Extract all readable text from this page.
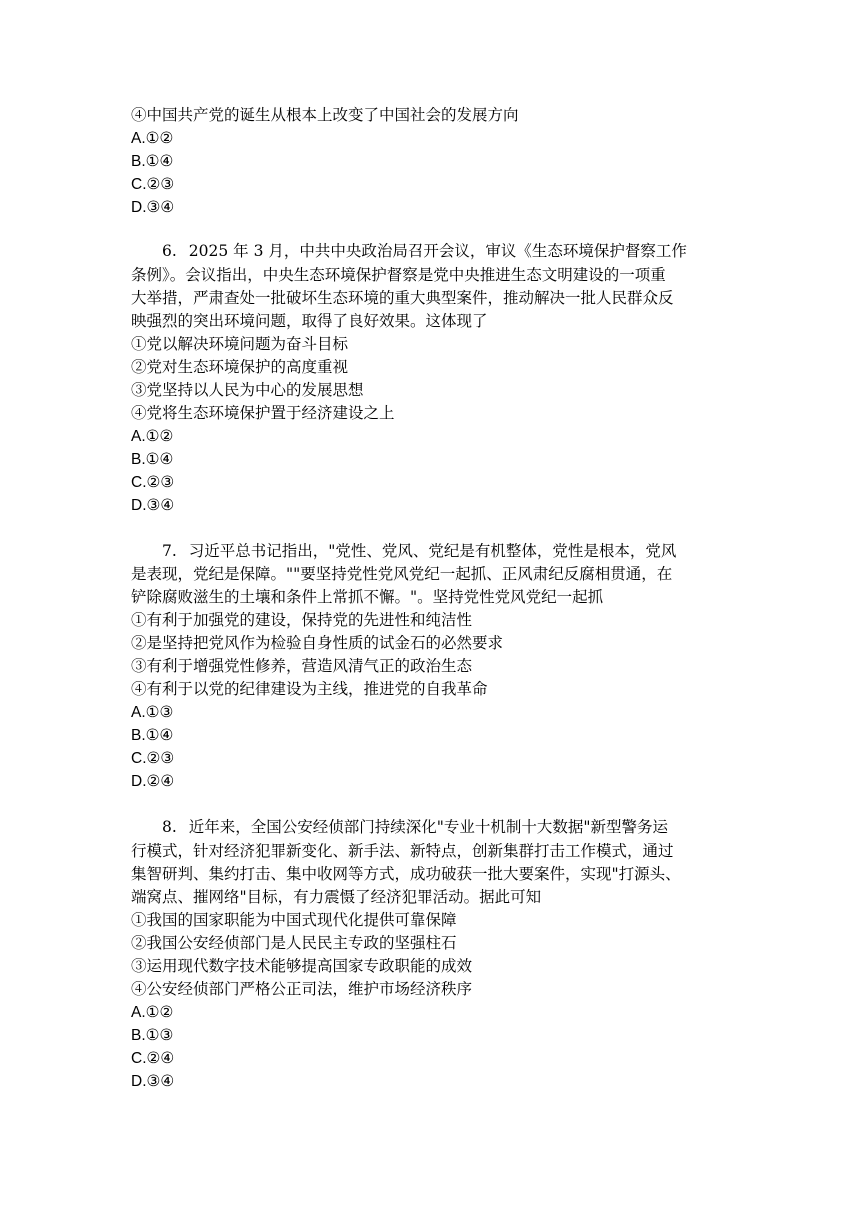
④中国共产党的诞生从根本上改变了中国社会的发展方向

A.①②

B.①④

C.②③

D.③④

6. 2025 年 3 月，中共中央政治局召开会议，审议《生态环境保护督察工作

条例》。会议指出，中央生态环境保护督察是党中央推进生态文明建设的一项重

大举措，严肃查处一批破坏生态环境的重大典型案件，推动解决一批人民群众反

映强烈的突出环境问题，取得了良好效果。这体现了

①党以解决环境问题为奋斗目标

②党对生态环境保护的高度重视

③党坚持以人民为中心的发展思想

④党将生态环境保护置于经济建设之上

A.①②

B.①④

C.②③

D.③④

7. 习近平总书记指出，"党性、党风、党纪是有机整体，党性是根本，党风

是表现，党纪是保障。""要坚持党性党风党纪一起抓、正风肃纪反腐相贯通，在

铲除腐败滋生的土壤和条件上常抓不懈。"。坚持党性党风党纪一起抓

①有利于加强党的建设，保持党的先进性和纯洁性

②是坚持把党风作为检验自身性质的试金石的必然要求

③有利于增强党性修养，营造风清气正的政治生态

④有利于以党的纪律建设为主线，推进党的自我革命

A.①③

B.①④

C.②③

D.②④

8. 近年来，全国公安经侦部门持续深化"专业十机制十大数据"新型警务运

行模式，针对经济犯罪新变化、新手法、新特点，创新集群打击工作模式，通过

集智研判、集约打击、集中收网等方式，成功破获一批大要案件，实现"打源头、

端窝点、摧网络"目标，有力震慑了经济犯罪活动。据此可知

①我国的国家职能为中国式现代化提供可靠保障

②我国公安经侦部门是人民民主专政的坚强柱石

③运用现代数字技术能够提高国家专政职能的成效

④公安经侦部门严格公正司法，维护市场经济秩序

A.①②

B.①③

C.②④

D.③④
